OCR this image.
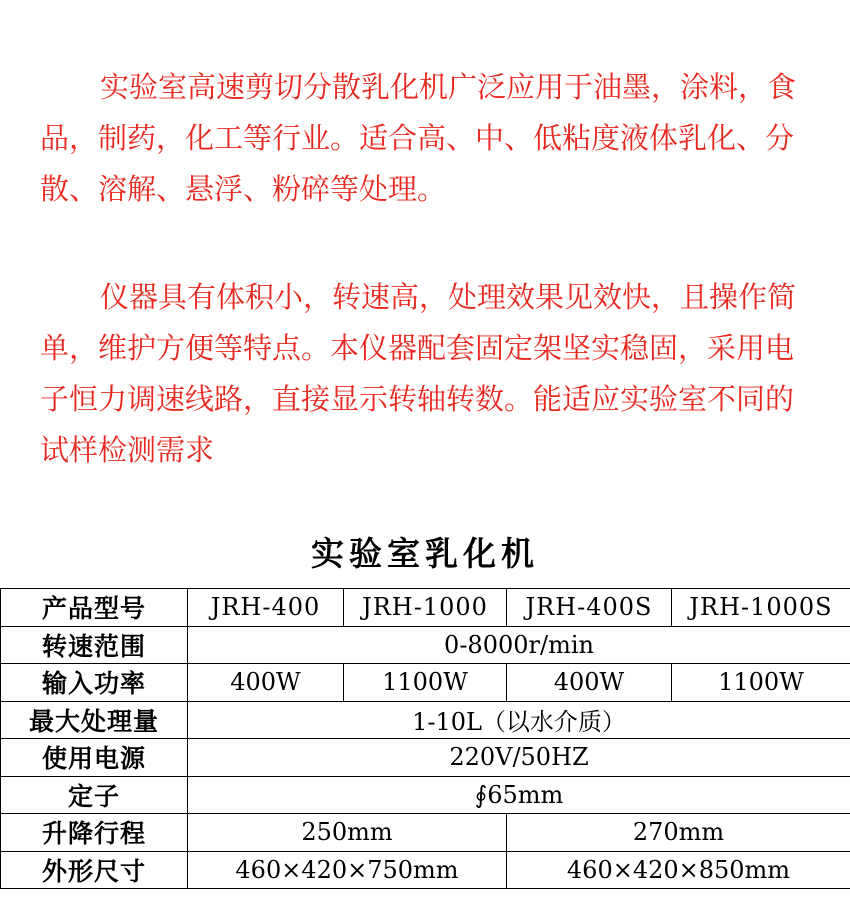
实验室高速剪切分散乳化机广泛应用于油墨，涂料，食品，制药，化工等行业。适合高、中、低粘度液体乳化、分散、溶解、悬浮、粉碎等处理。

仪器具有体积小，转速高，处理效果见效快，且操作简单，维护方便等特点。本仪器配套固定架坚实稳固，采用电子恒力调速线路，直接显示转轴转数。能适应实验室不同的试样检测需求

实验室乳化机
产品型号	JRH-400	JRH-1000	JRH-400S	JRH-1000S
转速范围	0-8000r/min			
输入功率	400W	1100W	400W	1100W
最大处理量	1-10L（以水介质）			
使用电源	220V/50HZ			
定子	∮65mm			
升降行程	250mm		270mm	
外形尺寸	460×420×750mm		460×420×850mm	
